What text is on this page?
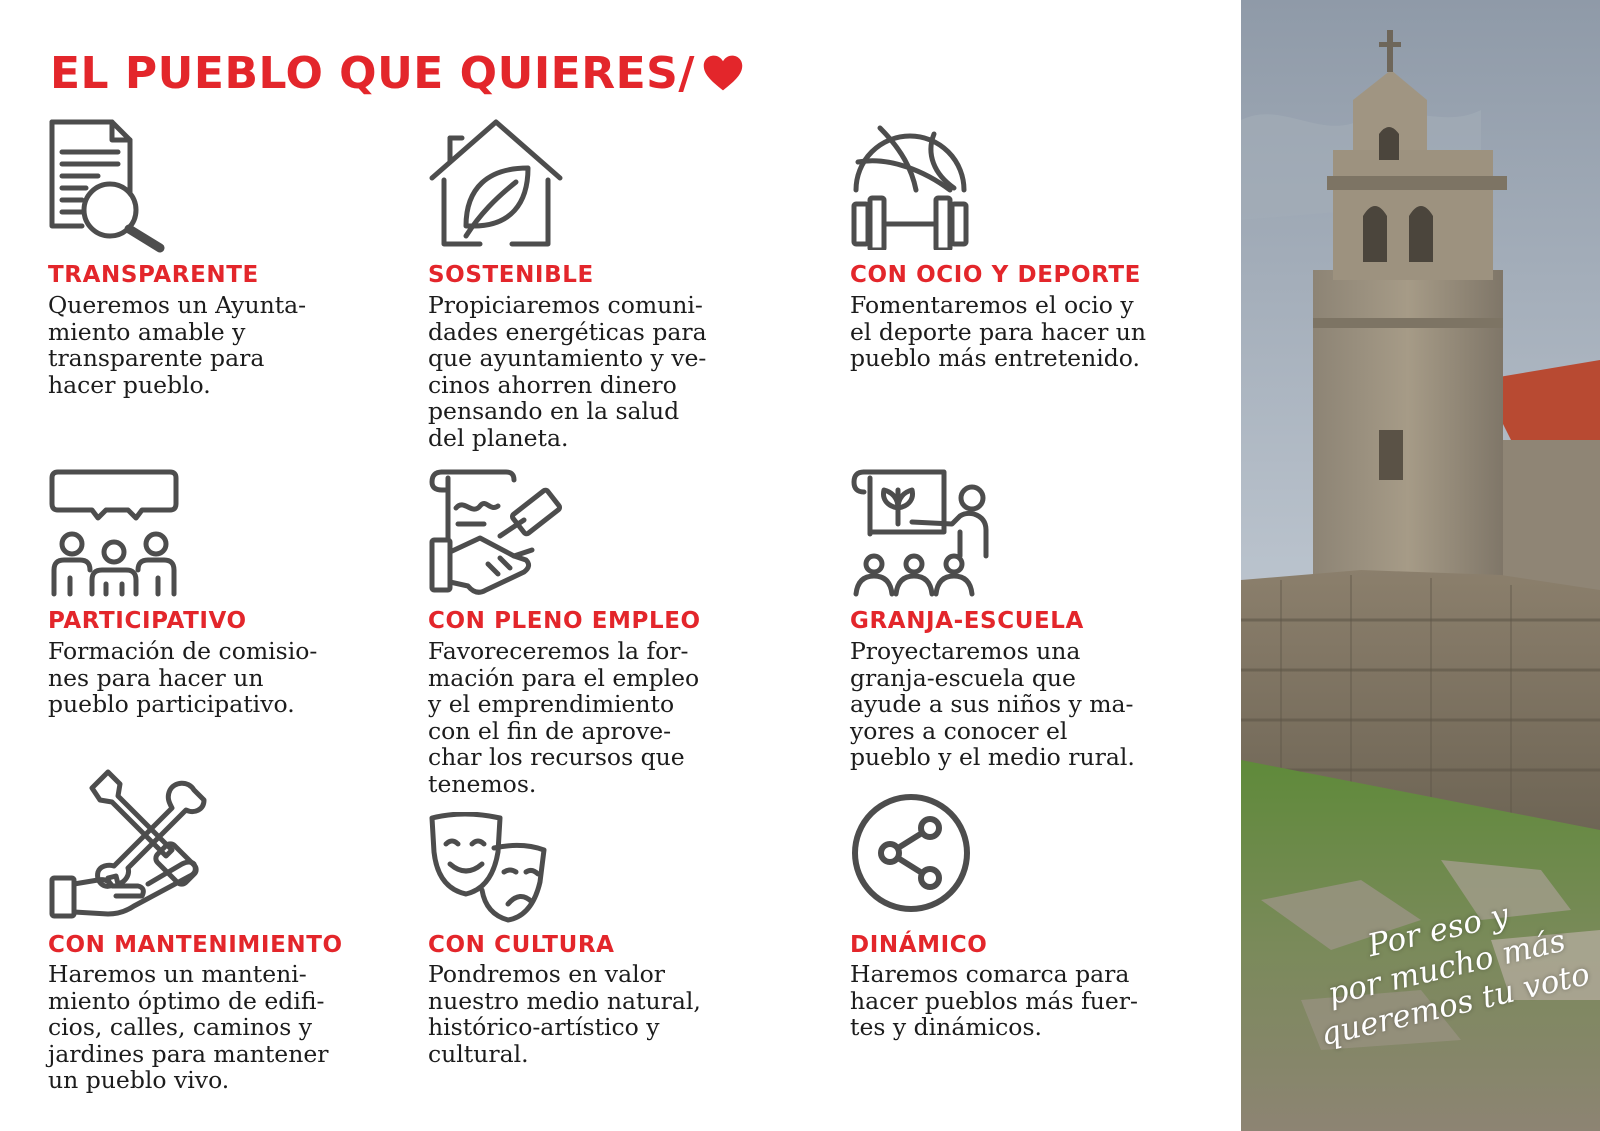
EL PUEBLO QUE QUIERES/
TRANSPARENTE
Queremos un Ayunta-
miento amable y
transparente para
hacer pueblo.
SOSTENIBLE
Propiciaremos comuni-
dades energéticas para
que ayuntamiento y ve-
cinos ahorren dinero
pensando en la salud
del planeta.
CON OCIO Y DEPORTE
Fomentaremos el ocio y
el deporte para hacer un
pueblo más entretenido.
PARTICIPATIVO
Formación de comisio-
nes para hacer un
pueblo participativo.
CON PLENO EMPLEO
Favoreceremos la for-
mación para el empleo
y el emprendimiento
con el fin de aprove-
char los recursos que
tenemos.
GRANJA-ESCUELA
Proyectaremos una
granja-escuela que
ayude a sus niños y ma-
yores a conocer el
pueblo y el medio rural.
CON MANTENIMIENTO
Haremos un manteni-
miento óptimo de edifi-
cios, calles, caminos y
jardines para mantener
un pueblo vivo.
CON CULTURA
Pondremos en valor
nuestro medio natural,
histórico-artístico y
cultural.
DINÁMICO
Haremos comarca para
hacer pueblos más fuer-
tes y dinámicos.
Por eso y
por mucho más
queremos tu voto
